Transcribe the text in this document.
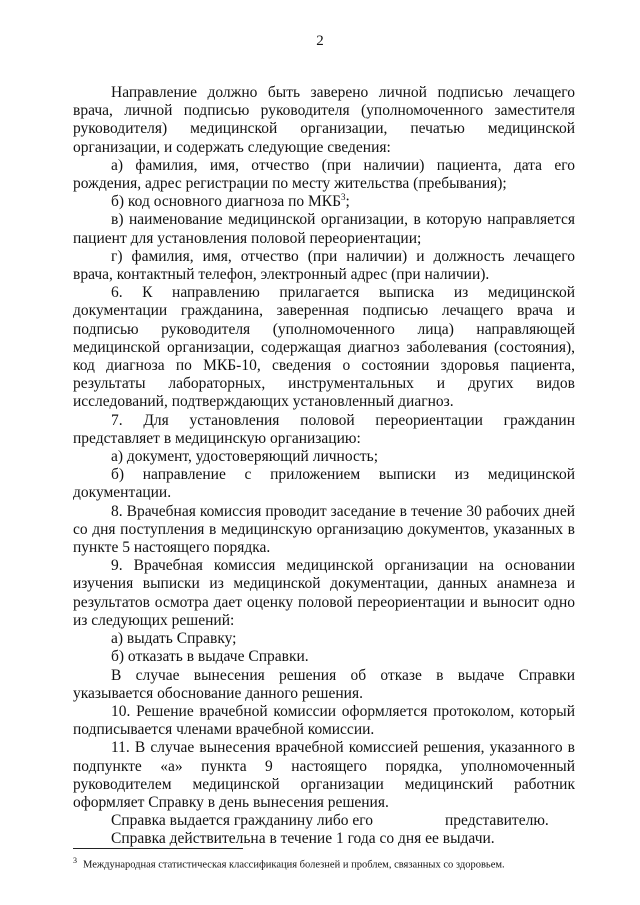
2

Направление должно быть заверено личной подписью лечащего врача, личной подписью руководителя (уполномоченного заместителя руководителя) медицинской организации, печатью медицинской организации, и содержать следующие сведения:

а) фамилия, имя, отчество (при наличии) пациента, дата его рождения, адрес регистрации по месту жительства (пребывания);

б) код основного диагноза по МКБ$^3$;

в) наименование медицинской организации, в которую направляется пациент для установления половой переориентации;

г) фамилия, имя, отчество (при наличии) и должность лечащего врача, контактный телефон, электронный адрес (при наличии).

6. К направлению прилагается выписка из медицинской документации гражданина, заверенная подписью лечащего врача и подписью руководителя (уполномоченного лица) направляющей медицинской организации, содержащая диагноз заболевания (состояния), код диагноза по МКБ-10, сведения о состоянии здоровья пациента, результаты лабораторных, инструментальных и других видов исследований, подтверждающих установленный диагноз.

7. Для установления половой переориентации гражданин представляет в медицинскую организацию:

а) документ, удостоверяющий личность;

б) направление с приложением выписки из медицинской документации.

8. Врачебная комиссия проводит заседание в течение 30 рабочих дней со дня поступления в медицинскую организацию документов, указанных в пункте 5 настоящего порядка.

9. Врачебная комиссия медицинской организации на основании изучения выписки из медицинской документации, данных анамнеза и результатов осмотра дает оценку половой переориентации и выносит одно из следующих решений:

а) выдать Справку;

б) отказать в выдаче Справки.

В случае вынесения решения об отказе в выдаче Справки указывается обоснование данного решения.

10. Решение врачебной комиссии оформляется протоколом, который подписывается членами врачебной комиссии.

11. В случае вынесения врачебной комиссией решения, указанного в подпункте «а» пункта 9 настоящего порядка, уполномоченный руководителем медицинской организации медицинский работник оформляет Справку в день вынесения решения.

Справка выдается гражданину либо его	представителю.

Справка действительна в течение 1 года со дня ее выдачи.

$^3$ Международная статистическая классификация болезней и проблем, связанных со здоровьем.
